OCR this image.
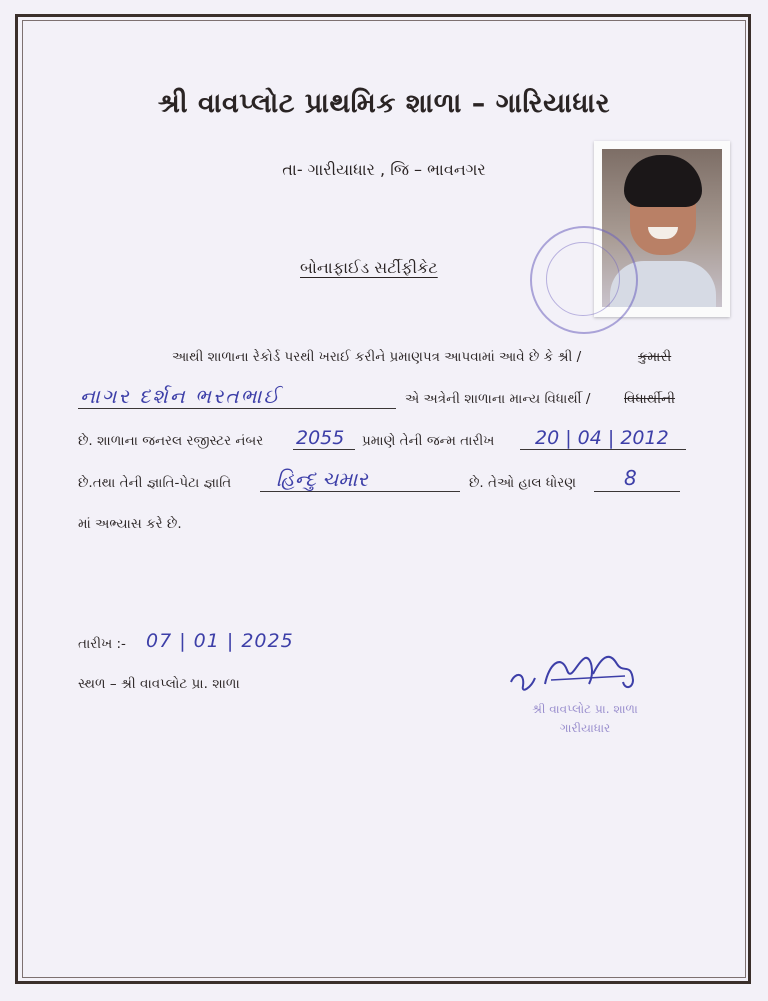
શ્રી વાવપ્લોટ પ્રાથમિક શાળા – ગારિયાધાર
તા- ગારીયાધાર , જિ – ભાવનગર
બોનાફાઈડ સર્ટીફીકેટ
આથી શાળાના રેકોર્ડ પરથી ખરાઈ કરીને પ્રમાણપત્ર આપવામાં આવે છે કે શ્રી /	કુમારી
નાગર દર્શન ભરતભાઈ	એ અત્રેની શાળાના માન્ય વિધાર્થી / વિધાર્થીની
છે. શાળાના જનરલ રજીસ્ટર નંબર 2055 પ્રમાણે તેની જન્મ તારીખ 20 | 04 | 2012
છે.તથા તેની જ્ઞાતિ-પેટા જ્ઞાતિ હિન્દુ ચમાર	છે. તેઓ હાલ ધોરણ 8
માં અભ્યાસ કરે છે.
તારીખ :- 07 | 01 | 2025
સ્થળ – શ્રી વાવપ્લોટ પ્રા. શાળા
શ્રી વાવપ્લોટ પ્રા. શાળા
ગારીયાધાર
